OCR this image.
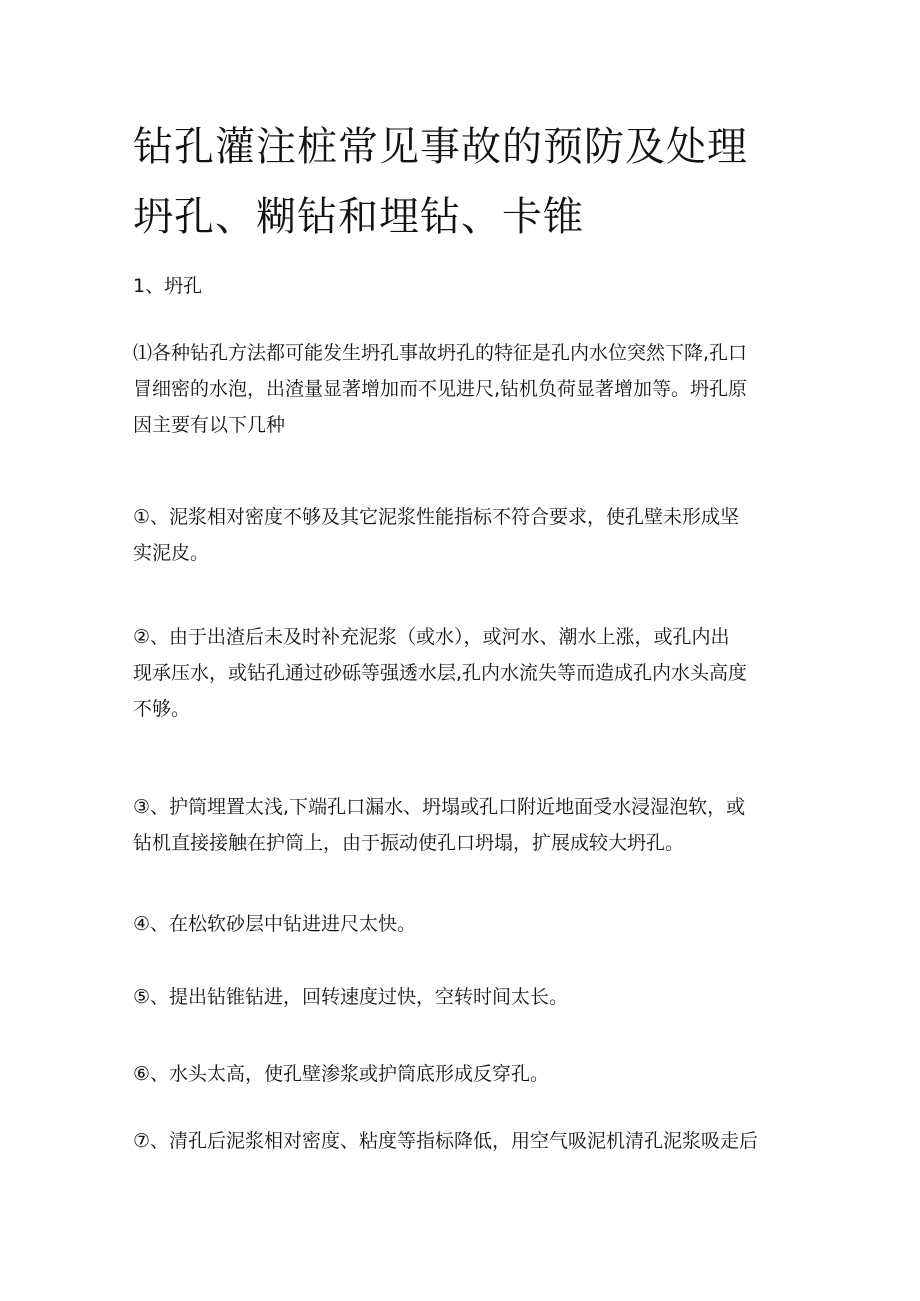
钻孔灌注桩常见事故的预防及处理
坍孔、糊钻和埋钻、卡锥

1、坍孔

⑴各种钻孔方法都可能发生坍孔事故坍孔的特征是孔内水位突然下降,孔口
冒细密的水泡，出渣量显著增加而不见进尺,钻机负荷显著增加等。坍孔原
因主要有以下几种

①、泥浆相对密度不够及其它泥浆性能指标不符合要求，使孔壁未形成坚
实泥皮。

②、由于出渣后未及时补充泥浆（或水），或河水、潮水上涨，或孔内出
现承压水，或钻孔通过砂砾等强透水层,孔内水流失等而造成孔内水头高度
不够。

③、护筒埋置太浅,下端孔口漏水、坍塌或孔口附近地面受水浸湿泡软，或
钻机直接接触在护筒上，由于振动使孔口坍塌，扩展成较大坍孔。

④、在松软砂层中钻进进尺太快。

⑤、提出钻锥钻进，回转速度过快，空转时间太长。

⑥、水头太高，使孔壁渗浆或护筒底形成反穿孔。

⑦、清孔后泥浆相对密度、粘度等指标降低，用空气吸泥机清孔泥浆吸走后
